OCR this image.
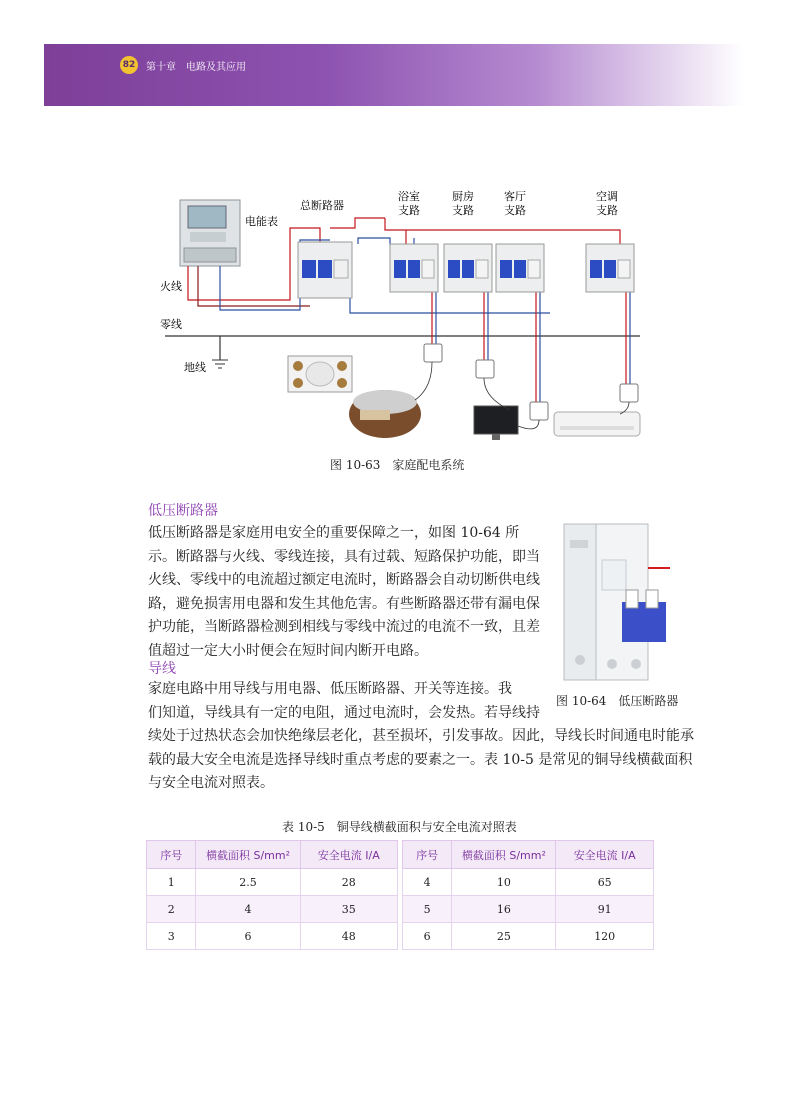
82 第十章　电路及其应用
电能表
总断路器
浴室 支路
厨房 支路
客厅 支路
空调 支路
火线
零线
地线
图 10-63　家庭配电系统
低压断路器
低压断路器是家庭用电安全的重要保障之一，如图 10-64 所
示。断路器与火线、零线连接，具有过载、短路保护功能，即当
火线、零线中的电流超过额定电流时，断路器会自动切断供电线
路，避免损害用电器和发生其他危害。有些断路器还带有漏电保
护功能，当断路器检测到相线与零线中流过的电流不一致，且差
值超过一定大小时便会在短时间内断开电路。
图 10-64　低压断路器
导线
家庭电路中用导线与用电器、低压断路器、开关等连接。我
们知道，导线具有一定的电阻，通过电流时，会发热。若导线持
续处于过热状态会加快绝缘层老化，甚至损坏，引发事故。因此，导线长时间通电时能承
载的最大安全电流是选择导线时重点考虑的要素之一。表 10-5 是常见的铜导线横截面积
与安全电流对照表。
表 10-5　铜导线横截面积与安全电流对照表
序号	横截面积 S/mm²	安全电流 I/A
1	2.5	28
2	4	35
3	6	48
序号	横截面积 S/mm²	安全电流 I/A
4	10	65
5	16	91
6	25	120
